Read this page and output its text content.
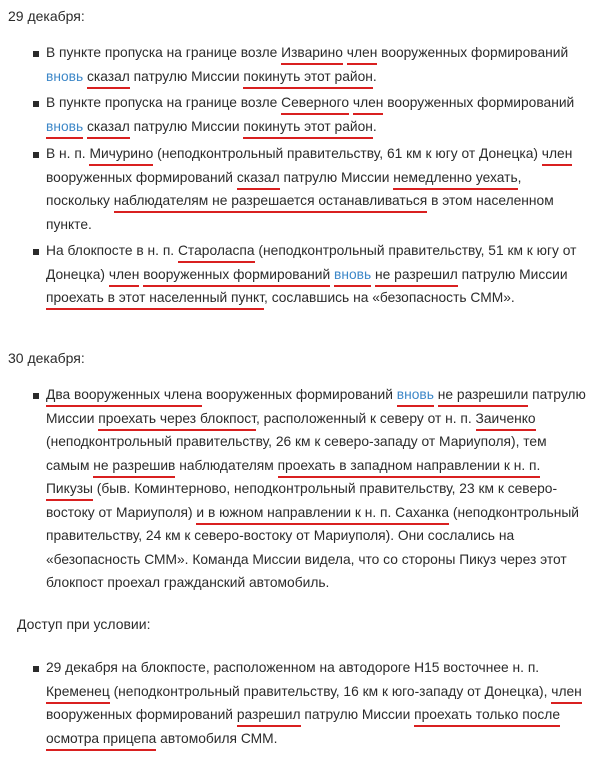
29 декабря:

В пункте пропуска на границе возле Изварино член вооруженных формирований вновь сказал патрулю Миссии покинуть этот район.
В пункте пропуска на границе возле Северного член вооруженных формирований вновь сказал патрулю Миссии покинуть этот район.
В н. п. Мичурино (неподконтрольный правительству, 61 км к югу от Донецка) член вооруженных формирований сказал патрулю Миссии немедленно уехать, поскольку наблюдателям не разрешается останавливаться в этом населенном пункте.
На блокпосте в н. п. Староласпа (неподконтрольный правительству, 51 км к югу от Донецка) член вооруженных формирований вновь не разрешил патрулю Миссии проехать в этот населенный пункт, сославшись на «безопасность СММ».

30 декабря:

Два вооруженных члена вооруженных формирований вновь не разрешили патрулю Миссии проехать через блокпост, расположенный к северу от н. п. Заиченко (неподконтрольный правительству, 26 км к северо-западу от Мариуполя), тем самым не разрешив наблюдателям проехать в западном направлении к н. п. Пикузы (быв. Коминтерново, неподконтрольный правительству, 23 км к северо-востоку от Мариуполя) и в южном направлении к н. п. Саханка (неподконтрольный правительству, 24 км к северо-востоку от Мариуполя). Они сослались на «безопасность СММ». Команда Миссии видела, что со стороны Пикуз через этот блокпост проехал гражданский автомобиль.

Доступ при условии:

29 декабря на блокпосте, расположенном на автодороге Н15 восточнее н. п. Кременец (неподконтрольный правительству, 16 км к юго-западу от Донецка), член вооруженных формирований разрешил патрулю Миссии проехать только после осмотра прицепа автомобиля СММ.
